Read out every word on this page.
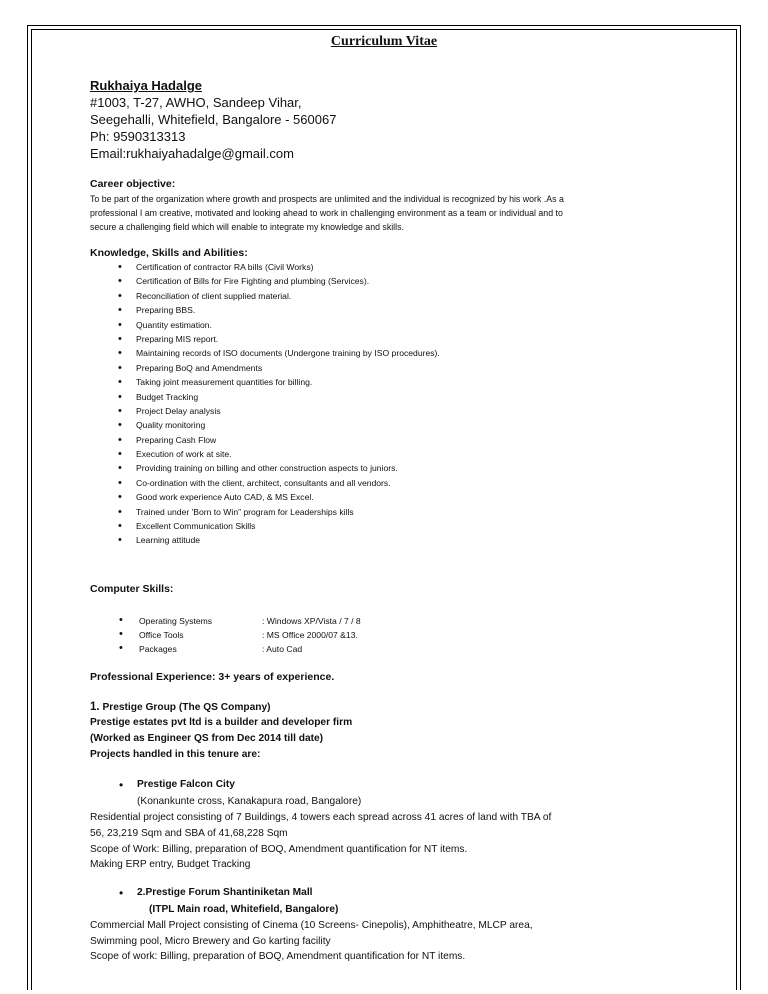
Curriculum Vitae
Rukhaiya Hadalge
#1003, T-27, AWHO, Sandeep Vihar,
Seegehalli, Whitefield, Bangalore - 560067
Ph: 9590313313
Email:rukhaiyahadalge@gmail.com
Career objective:
To be part of the organization where growth and prospects are unlimited and the individual is recognized by his work .As a
professional I am creative, motivated and looking ahead to work in challenging environment as a team or individual and to
secure a challenging field which will enable to integrate my knowledge and skills.
Knowledge, Skills and Abilities:
• Certification of contractor RA bills (Civil Works)
• Certification of Bills for Fire Fighting and plumbing (Services).
• Reconciliation of client supplied material.
• Preparing BBS.
• Quantity estimation.
• Preparing MIS report.
• Maintaining records of ISO documents (Undergone training by ISO procedures).
• Preparing BoQ and Amendments
• Taking joint measurement quantities for billing.
• Budget Tracking
• Project Delay analysis
• Quality monitoring
• Preparing Cash Flow
• Execution of work at site.
• Providing training on billing and other construction aspects to juniors.
• Co-ordination with the client, architect, consultants and all vendors.
• Good work experience Auto CAD, & MS Excel.
• Trained under 'Born to Win” program for Leaderships kills
• Excellent Communication Skills
• Learning attitude
Computer Skills:
• Operating Systems	: Windows XP/Vista / 7 / 8
• Office Tools	: MS Office 2000/07 &13.
• Packages	: Auto Cad
Professional Experience: 3+ years of experience.
1. Prestige Group (The QS Company)
Prestige estates pvt ltd is a builder and developer firm
(Worked as Engineer QS from Dec 2014 till date)
Projects handled in this tenure are:
• Prestige Falcon City
(Konankunte cross, Kanakapura road, Bangalore)
Residential project consisting of 7 Buildings, 4 towers each spread across 41 acres of land with TBA of
56, 23,219 Sqm and SBA of 41,68,228 Sqm
Scope of Work: Billing, preparation of BOQ, Amendment quantification for NT items.
Making ERP entry, Budget Tracking
• 2.Prestige Forum Shantiniketan Mall
(ITPL Main road, Whitefield, Bangalore)
Commercial Mall Project consisting of Cinema (10 Screens- Cinepolis), Amphitheatre, MLCP area,
Swimming pool, Micro Brewery and Go karting facility
Scope of work: Billing, preparation of BOQ, Amendment quantification for NT items.
